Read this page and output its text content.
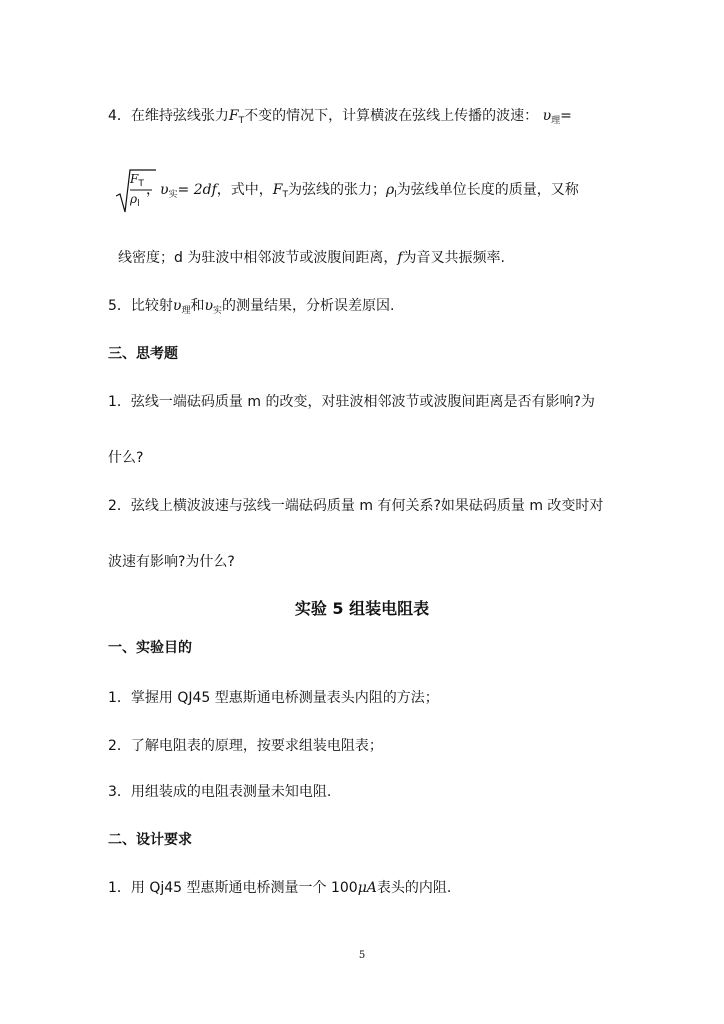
4．在维持弦线张力$F_T$不变的情况下，计算横波在弦线上传播的波速： $\upsilon_理=$
$F_T$
$\rho_l$
，$\upsilon_实= 2df$，式中，$F_T$为弦线的张力；$\rho_l$为弦线单位长度的质量，又称
线密度；d 为驻波中相邻波节或波腹间距离，f为音叉共振频率.
5．比较射$\upsilon_理$和$\upsilon_实$的测量结果，分析误差原因.
三、思考题
1．弦线一端砝码质量 m 的改变，对驻波相邻波节或波腹间距离是否有影响?为
什么?
2．弦线上横波波速与弦线一端砝码质量 m 有何关系?如果砝码质量 m 改变时对
波速有影响?为什么?
实验 5 组装电阻表
一、实验目的
1．掌握用 QJ45 型惠斯通电桥测量表头内阻的方法；
2．了解电阻表的原理，按要求组装电阻表；
3．用组装成的电阻表测量未知电阻.
二、设计要求
1．用 Qj45 型惠斯通电桥测量一个 100μA表头的内阻.
5
